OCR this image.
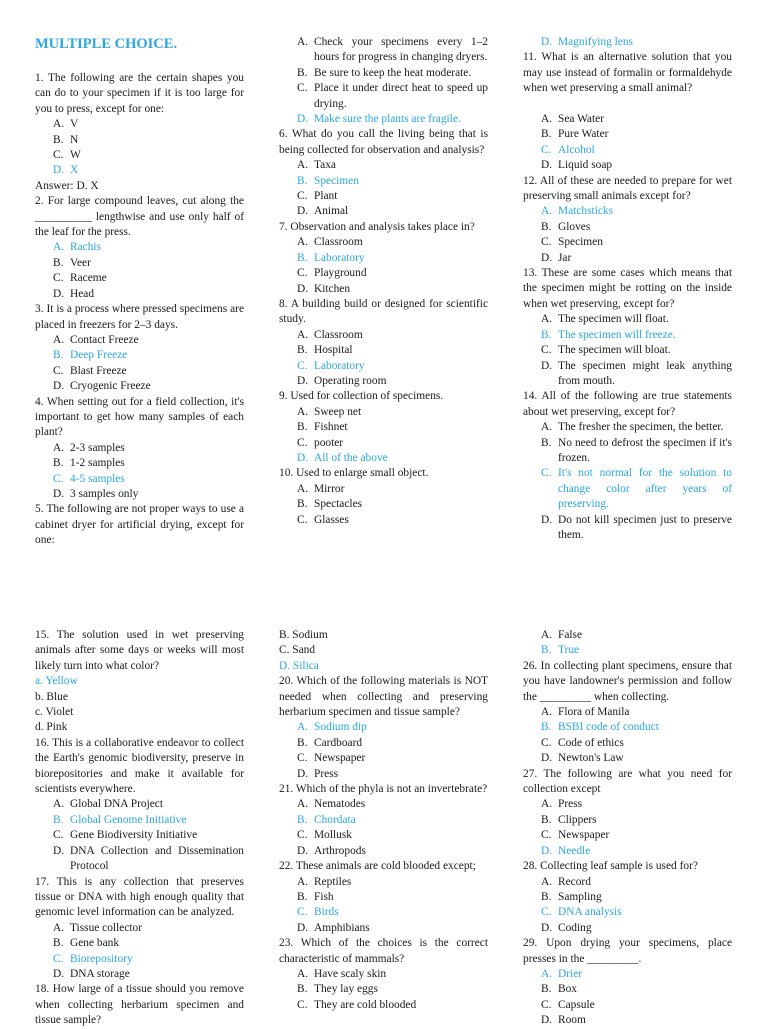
MULTIPLE CHOICE.

1. The following are the certain shapes you can do to your specimen if it is too large for you to press, except for one:

A. V
B. N
C. W
D. X

Answer: D. X

2. For large compound leaves, cut along the __________ lengthwise and use only half of the leaf for the press.

A. Rachis
B. Veer
C. Raceme
D. Head

3. It is a process where pressed specimens are placed in freezers for 2–3 days.

A. Contact Freeze
B. Deep Freeze
C. Blast Freeze
D. Cryogenic Freeze

4. When setting out for a field collection, it's important to get how many samples of each plant?

A. 2-3 samples
B. 1-2 samples
C. 4-5 samples
D. 3 samples only

5. The following are not proper ways to use a cabinet dryer for artificial drying, except for one:

A. Check your specimens every 1–2 hours for progress in changing dryers.
B. Be sure to keep the heat moderate.
C. Place it under direct heat to speed up drying.
D. Make sure the plants are fragile.

6. What do you call the living being that is being collected for observation and analysis?

A. Taxa
B. Specimen
C. Plant
D. Animal

7. Observation and analysis takes place in?

A. Classroom
B. Laboratory
C. Playground
D. Kitchen

8. A building build or designed for scientific study.

A. Classroom
B. Hospital
C. Laboratory
D. Operating room

9. Used for collection of specimens.

A. Sweep net
B. Fishnet
C. pooter
D. All of the above

10. Used to enlarge small object.

A. Mirror
B. Spectacles
C. Glasses
D. Magnifying lens

11. What is an alternative solution that you may use instead of formalin or formaldehyde when wet preserving a small animal?

A. Sea Water
B. Pure Water
C. Alcohol
D. Liquid soap

12. All of these are needed to prepare for wet preserving small animals except for?

A. Matchsticks
B. Gloves
C. Specimen
D. Jar

13. These are some cases which means that the specimen might be rotting on the inside when wet preserving, except for?

A. The specimen will float.
B. The specimen will freeze.
C. The specimen will bloat.
D. The specimen might leak anything from mouth.

14. All of the following are true statements about wet preserving, except for?

A. The fresher the specimen, the better.
B. No need to defrost the specimen if it's frozen.
C. It's not normal for the solution to change color after years of preserving.
D. Do not kill specimen just to preserve them.

15. The solution used in wet preserving animals after some days or weeks will most likely turn into what color?

a. Yellow

b. Blue

c. Violet

d. Pink

16. This is a collaborative endeavor to collect the Earth's genomic biodiversity, preserve in biorepositories and make it available for scientists everywhere.

A. Global DNA Project
B. Global Genome Initiative
C. Gene Biodiversity Initiative
D. DNA Collection and Dissemination Protocol

17. This is any collection that preserves tissue or DNA with high enough quality that genomic level information can be analyzed.

A. Tissue collector
B. Gene bank
C. Biorepository
D. DNA storage

18. How large of a tissue should you remove when collecting herbarium specimen and tissue sample?

B. Sodium

C. Sand

D. Silica

20. Which of the following materials is NOT needed when collecting and preserving herbarium specimen and tissue sample?

A. Sodium dip
B. Cardboard
C. Newspaper
D. Press

21. Which of the phyla is not an invertebrate?

A. Nematodes
B. Chordata
C. Mollusk
D. Arthropods

22. These animals are cold blooded except;

A. Reptiles
B. Fish
C. Birds
D. Amphibians

23. Which of the choices is the correct characteristic of mammals?

A. Have scaly skin
B. They lay eggs
C. They are cold blooded
A. False
B. True

26. In collecting plant specimens, ensure that you have landowner's permission and follow the _________ when collecting.

A. Flora of Manila
B. BSBI code of conduct
C. Code of ethics
D. Newton's Law

27. The following are what you need for collection except

A. Press
B. Clippers
C. Newspaper
D. Needle

28. Collecting leaf sample is used for?

A. Record
B. Sampling
C. DNA analysis
D. Coding

29. Upon drying your specimens, place presses in the _________.

A. Drier
B. Box
C. Capsule
D. Room
